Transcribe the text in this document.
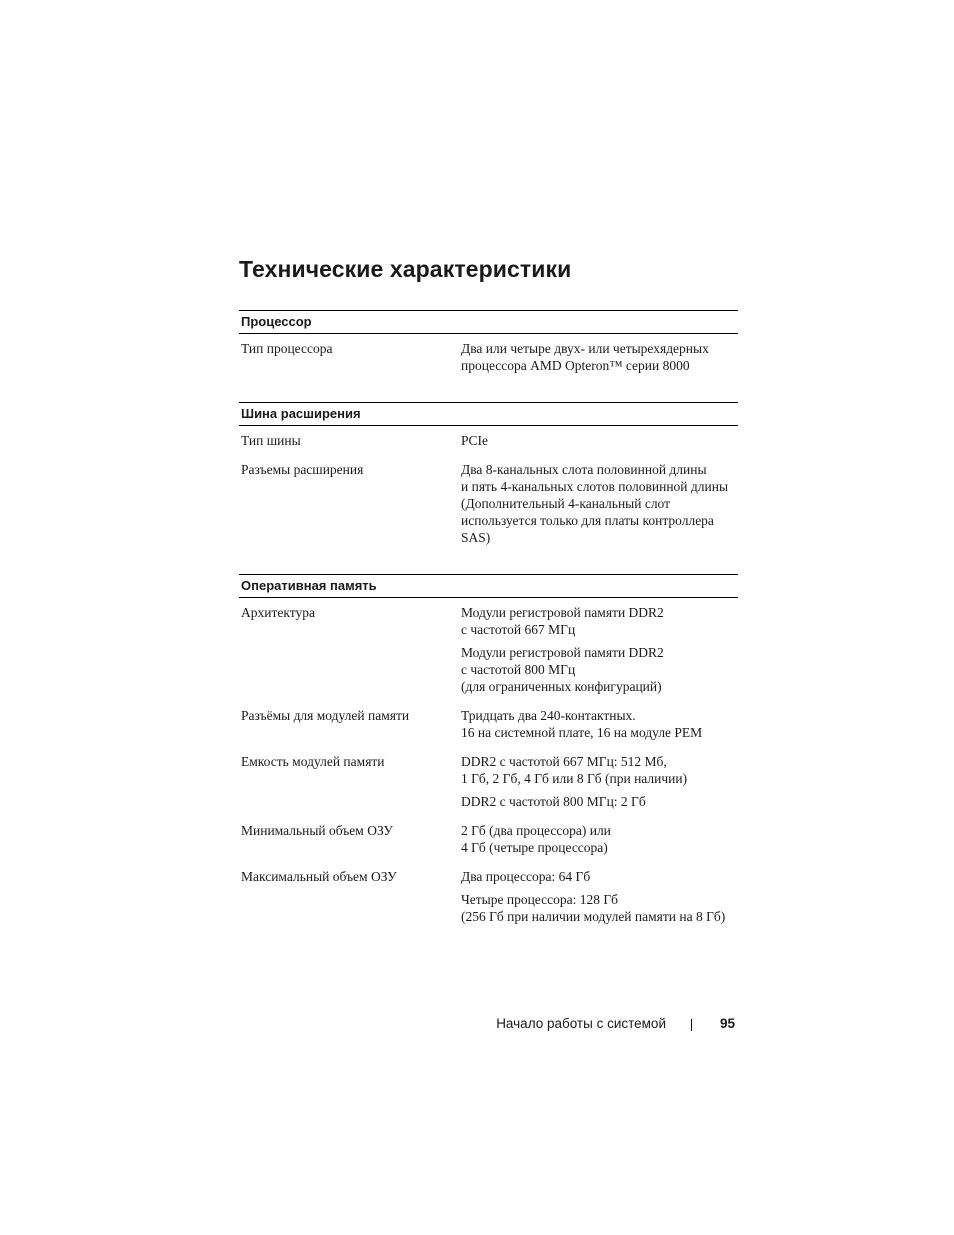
Технические характеристики
Процессор
Тип процессора	Два или четыре двух- или четырехядерных
процессора AMD Opteron™ серии 8000
Шина расширения
Тип шины	PCIe
Разъемы расширения	Два 8-канальных слота половинной длины
и пять 4-канальных слотов половинной длины
(Дополнительный 4-канальный слот
используется только для платы контроллера
SAS)
Оперативная память
Архитектура	Модули регистровой памяти DDR2
с частотой 667 МГц
Модули регистровой памяти DDR2
с частотой 800 МГц
(для ограниченных конфигураций)
Разъёмы для модулей памяти	Тридцать два 240-контактных.
16 на системной плате, 16 на модуле PEM
Емкость модулей памяти	DDR2 с частотой 667 МГц: 512 Мб,
1 Гб, 2 Гб, 4 Гб или 8 Гб (при наличии)
DDR2 с частотой 800 МГц: 2 Гб
Минимальный объем ОЗУ	2 Гб (два процессора) или
4 Гб (четыре процессора)
Максимальный объем ОЗУ	Два процессора: 64 Гб
Четыре процессора: 128 Гб
(256 Гб при наличии модулей памяти на 8 Гб)
Начало работы с системой	95
